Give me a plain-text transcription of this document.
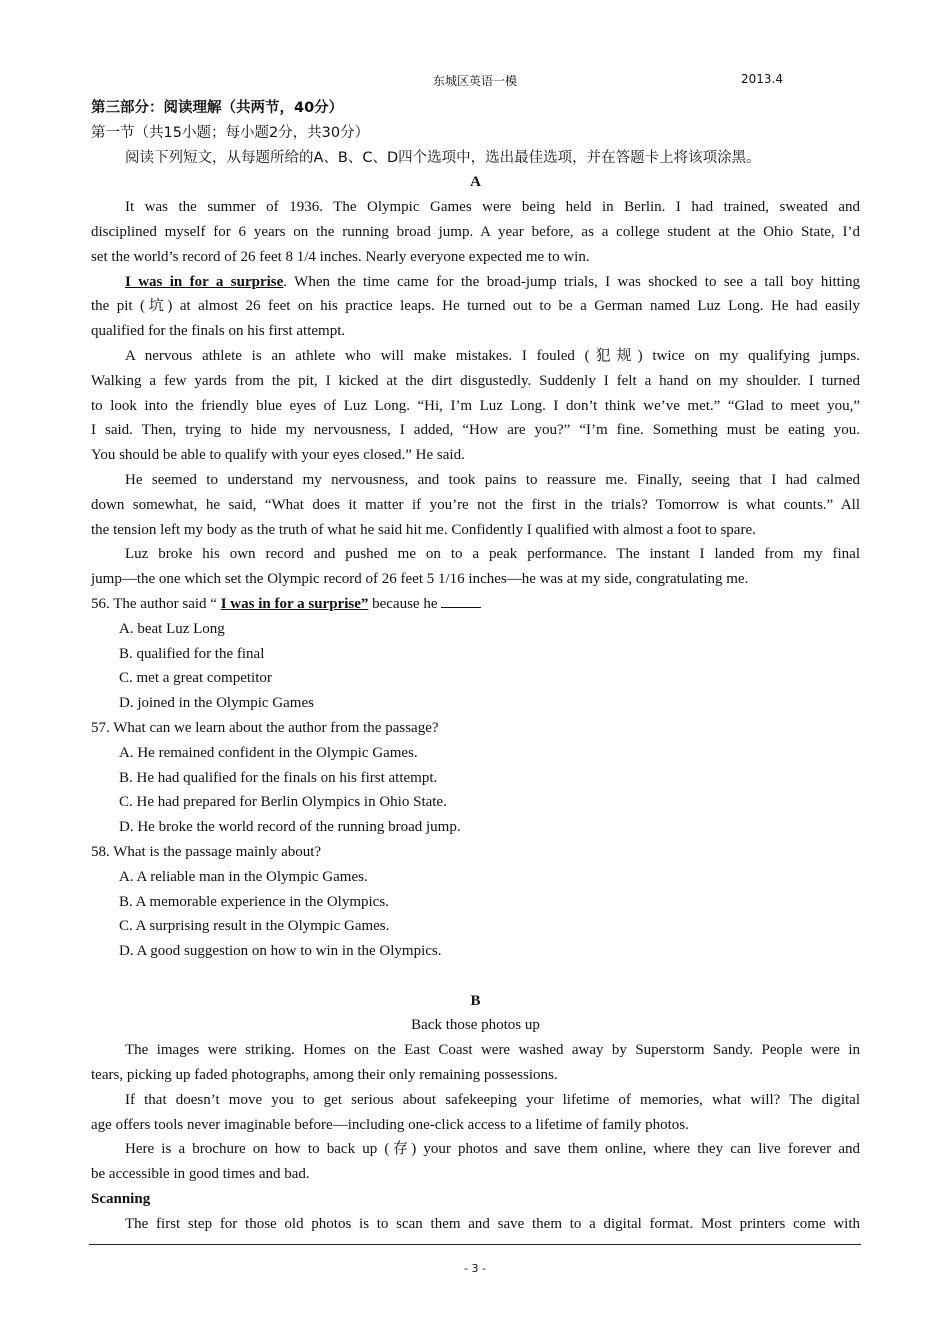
东城区英语一模	2013.4
第三部分：阅读理解（共两节，40分）
第一节（共15小题；每小题2分，共30分）
阅读下列短文，从每题所给的A、B、C、D四个选项中，选出最佳选项，并在答题卡上将该项涂黑。
A
It was the summer of 1936. The Olympic Games were being held in Berlin. I had trained, sweated and
disciplined myself for 6 years on the running broad jump. A year before, as a college student at the Ohio State, I’d
set the world’s record of 26 feet 8 1/4 inches. Nearly everyone expected me to win.
I was in for a surprise. When the time came for the broad-jump trials, I was shocked to see a tall boy hitting
the pit (坑) at almost 26 feet on his practice leaps. He turned out to be a German named Luz Long. He had easily
qualified for the finals on his first attempt.
A nervous athlete is an athlete who will make mistakes. I fouled (犯规) twice on my qualifying jumps.
Walking a few yards from the pit, I kicked at the dirt disgustedly. Suddenly I felt a hand on my shoulder. I turned
to look into the friendly blue eyes of Luz Long. “Hi, I’m Luz Long. I don’t think we’ve met.” “Glad to meet you,”
I said. Then, trying to hide my nervousness, I added, “How are you?” “I’m fine. Something must be eating you.
You should be able to qualify with your eyes closed.” He said.
He seemed to understand my nervousness, and took pains to reassure me. Finally, seeing that I had calmed
down somewhat, he said, “What does it matter if you’re not the first in the trials? Tomorrow is what counts.” All
the tension left my body as the truth of what he said hit me. Confidently I qualified with almost a foot to spare.
Luz broke his own record and pushed me on to a peak performance. The instant I landed from my final
jump—the one which set the Olympic record of 26 feet 5 1/16 inches—he was at my side, congratulating me.
56. The author said “ I was in for a surprise” because he
A. beat Luz Long
B. qualified for the final
C. met a great competitor
D. joined in the Olympic Games
57. What can we learn about the author from the passage?
A. He remained confident in the Olympic Games.
B. He had qualified for the finals on his first attempt.
C. He had prepared for Berlin Olympics in Ohio State.
D. He broke the world record of the running broad jump.
58. What is the passage mainly about?
A. A reliable man in the Olympic Games.
B. A memorable experience in the Olympics.
C. A surprising result in the Olympic Games.
D. A good suggestion on how to win in the Olympics.
B
Back those photos up
The images were striking. Homes on the East Coast were washed away by Superstorm Sandy. People were in
tears, picking up faded photographs, among their only remaining possessions.
If that doesn’t move you to get serious about safekeeping your lifetime of memories, what will? The digital
age offers tools never imaginable before—including one-click access to a lifetime of family photos.
Here is a brochure on how to back up (存) your photos and save them online, where they can live forever and
be accessible in good times and bad.
Scanning
The first step for those old photos is to scan them and save them to a digital format. Most printers come with
- 3 -
